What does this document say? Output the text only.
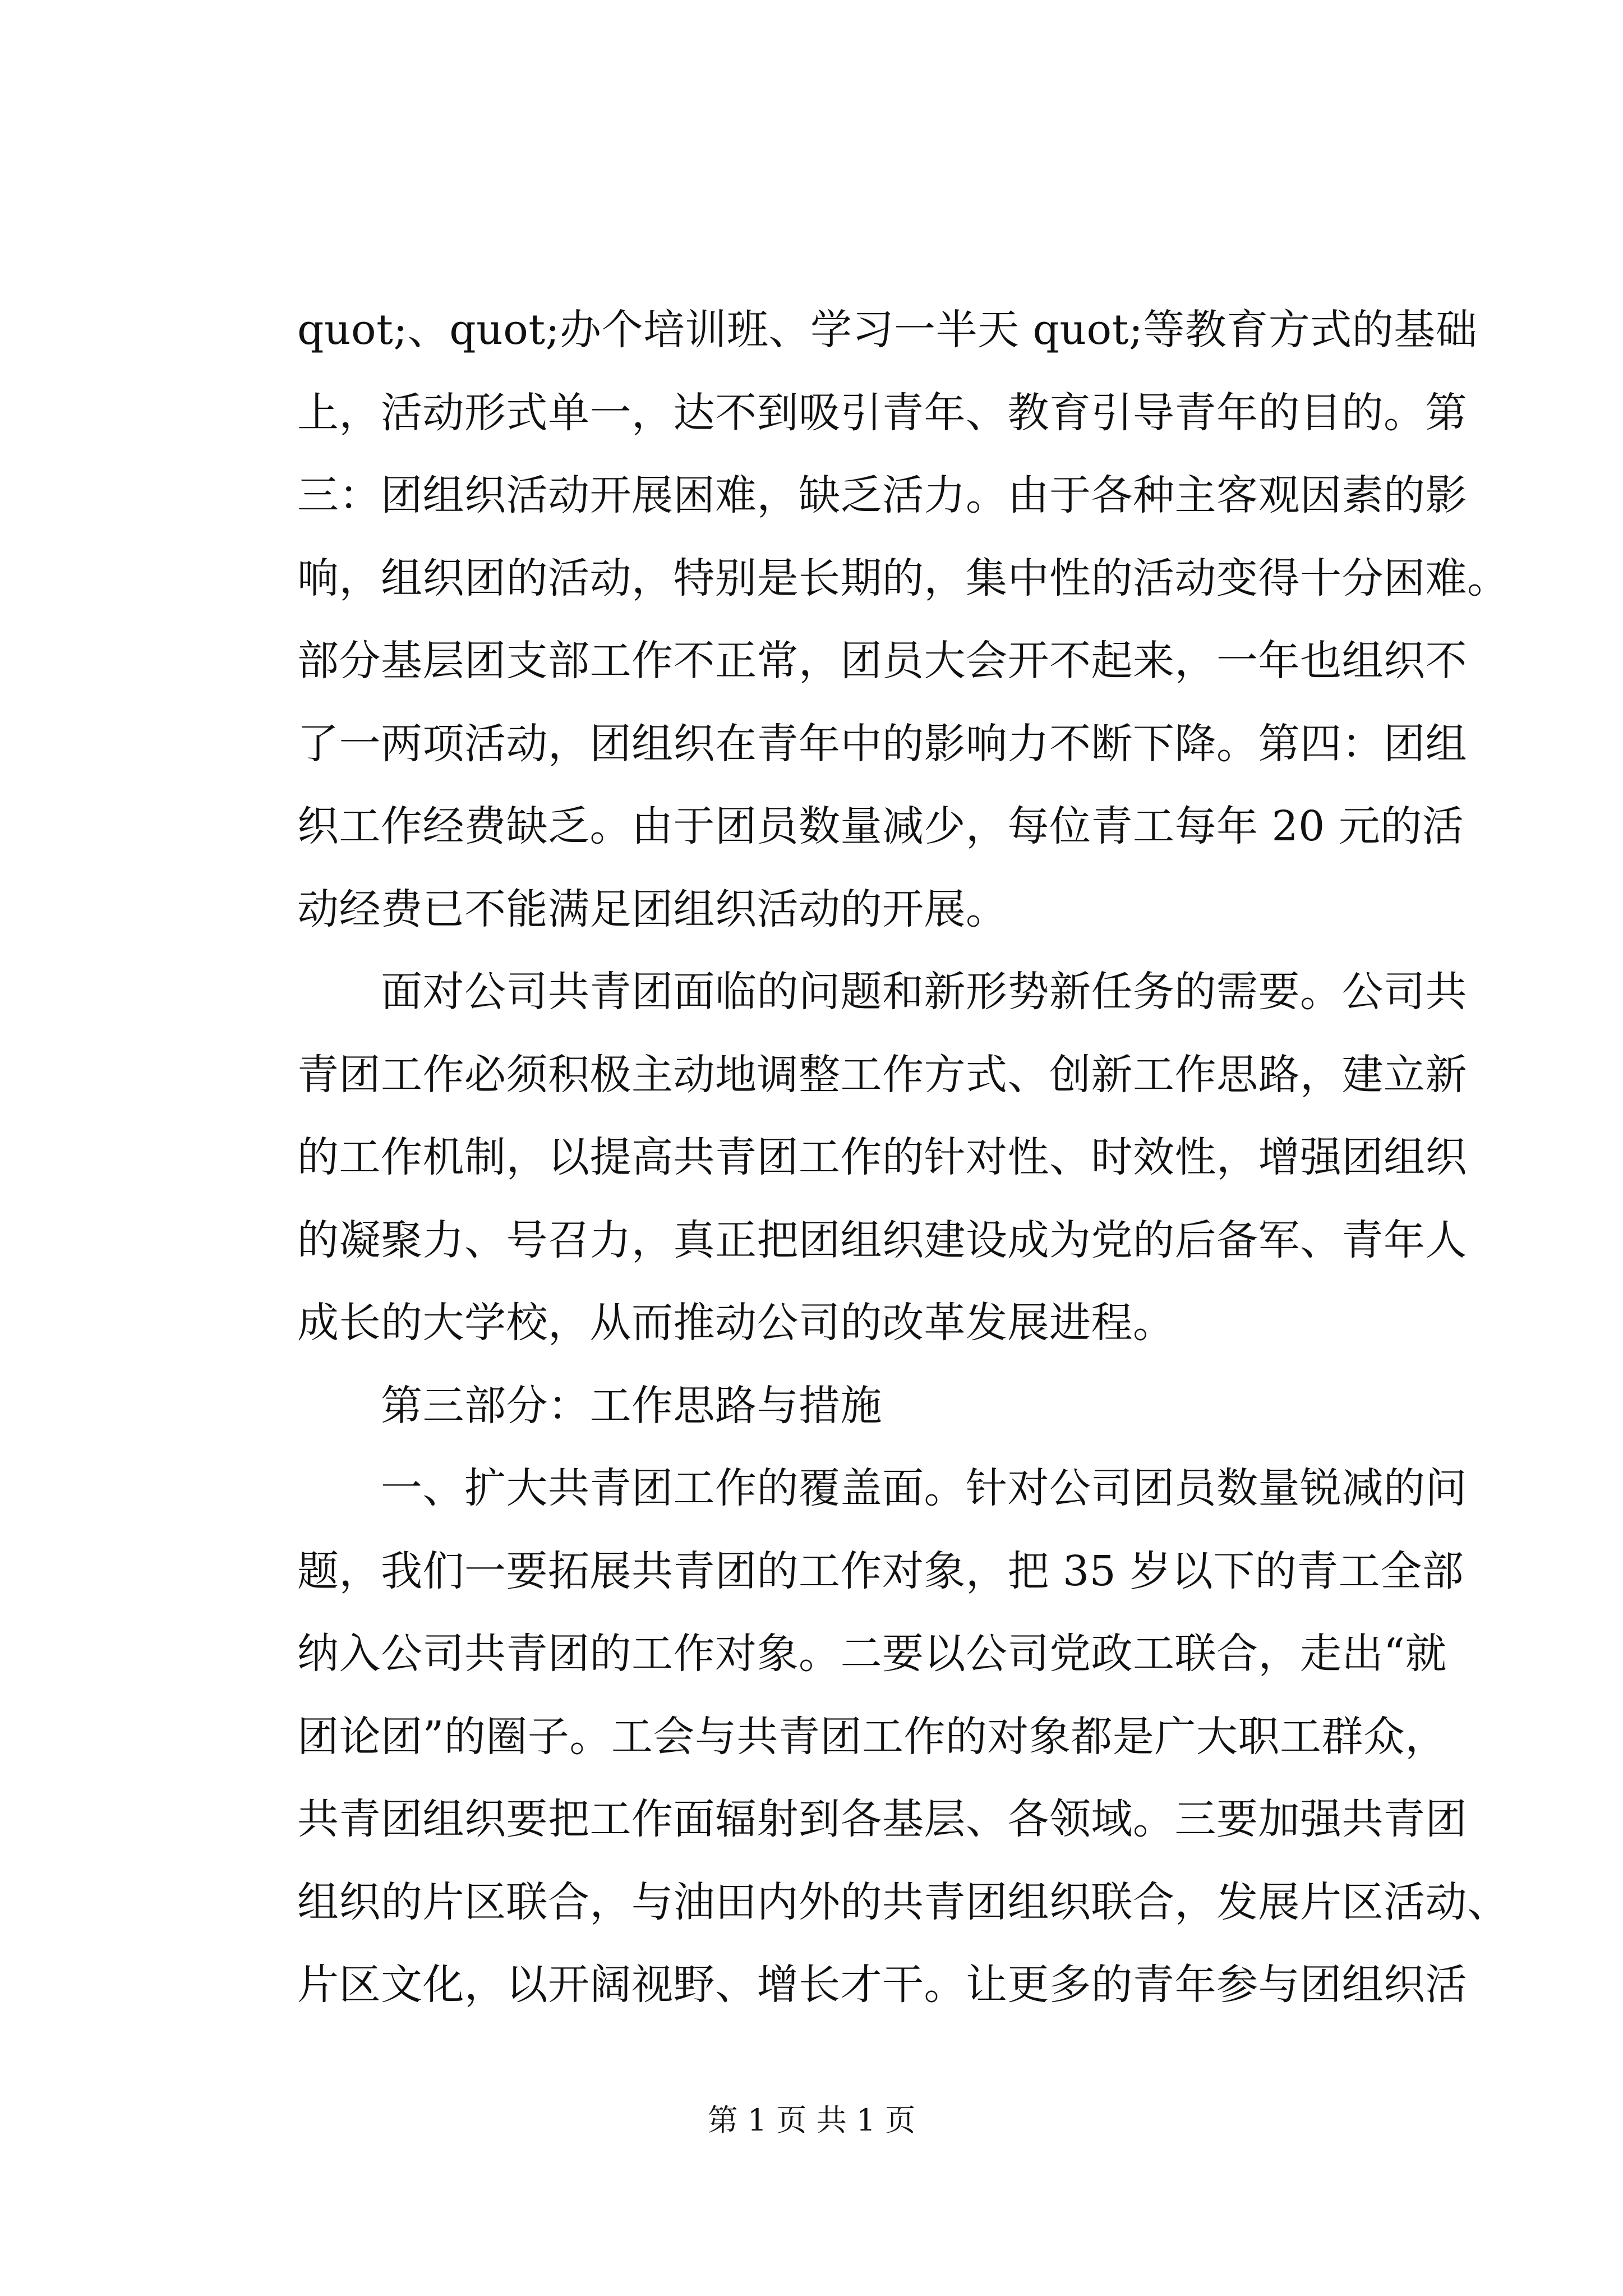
quot;、quot;办个培训班、学习一半天 quot;等教育方式的基础
上，活动形式单一，达不到吸引青年、教育引导青年的目的。第
三：团组织活动开展困难，缺乏活力。由于各种主客观因素的影
响，组织团的活动，特别是长期的，集中性的活动变得十分困难。
部分基层团支部工作不正常，团员大会开不起来，一年也组织不
了一两项活动，团组织在青年中的影响力不断下降。第四：团组
织工作经费缺乏。由于团员数量减少，每位青工每年 20 元的活
动经费已不能满足团组织活动的开展。
　　面对公司共青团面临的问题和新形势新任务的需要。公司共
青团工作必须积极主动地调整工作方式、创新工作思路，建立新
的工作机制，以提高共青团工作的针对性、时效性，增强团组织
的凝聚力、号召力，真正把团组织建设成为党的后备军、青年人
成长的大学校，从而推动公司的改革发展进程。
　　第三部分：工作思路与措施
　　一、扩大共青团工作的覆盖面。针对公司团员数量锐减的问
题，我们一要拓展共青团的工作对象，把 35 岁以下的青工全部
纳入公司共青团的工作对象。二要以公司党政工联合，走出“就
团论团”的圈子。工会与共青团工作的对象都是广大职工群众，
共青团组织要把工作面辐射到各基层、各领域。三要加强共青团
组织的片区联合，与油田内外的共青团组织联合，发展片区活动、
片区文化，以开阔视野、增长才干。让更多的青年参与团组织活
第 1 页 共 1 页
